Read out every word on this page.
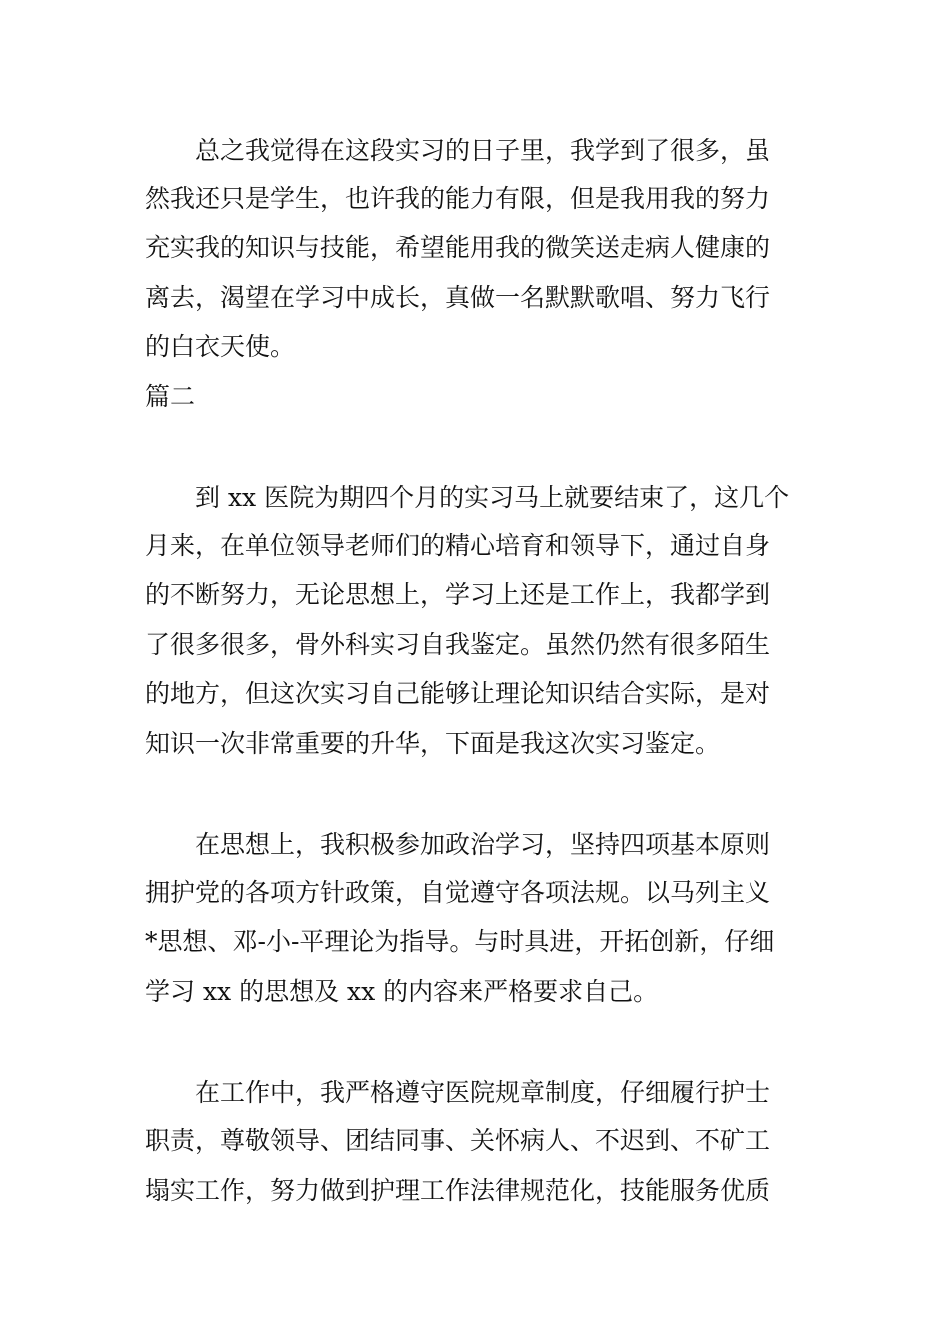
　　总之我觉得在这段实习的日子里，我学到了很多，虽

然我还只是学生，也许我的能力有限，但是我用我的努力

充实我的知识与技能，希望能用我的微笑送走病人健康的

离去，渴望在学习中成长，真做一名默默歌唱、努力飞行

的白衣天使。

篇二

　　到 xx 医院为期四个月的实习马上就要结束了，这几个

月来，在单位领导老师们的精心培育和领导下，通过自身

的不断努力，无论思想上，学习上还是工作上，我都学到

了很多很多，骨外科实习自我鉴定。虽然仍然有很多陌生

的地方，但这次实习自己能够让理论知识结合实际，是对

知识一次非常重要的升华，下面是我这次实习鉴定。

　　在思想上，我积极参加政治学习，坚持四项基本原则

拥护党的各项方针政策，自觉遵守各项法规。以马列主义

*思想、邓-小-平理论为指导。与时具进，开拓创新，仔细

学习 xx 的思想及 xx 的内容来严格要求自己。

　　在工作中，我严格遵守医院规章制度，仔细履行护士

职责，尊敬领导、团结同事、关怀病人、不迟到、不矿工

塌实工作，努力做到护理工作法律规范化，技能服务优质
